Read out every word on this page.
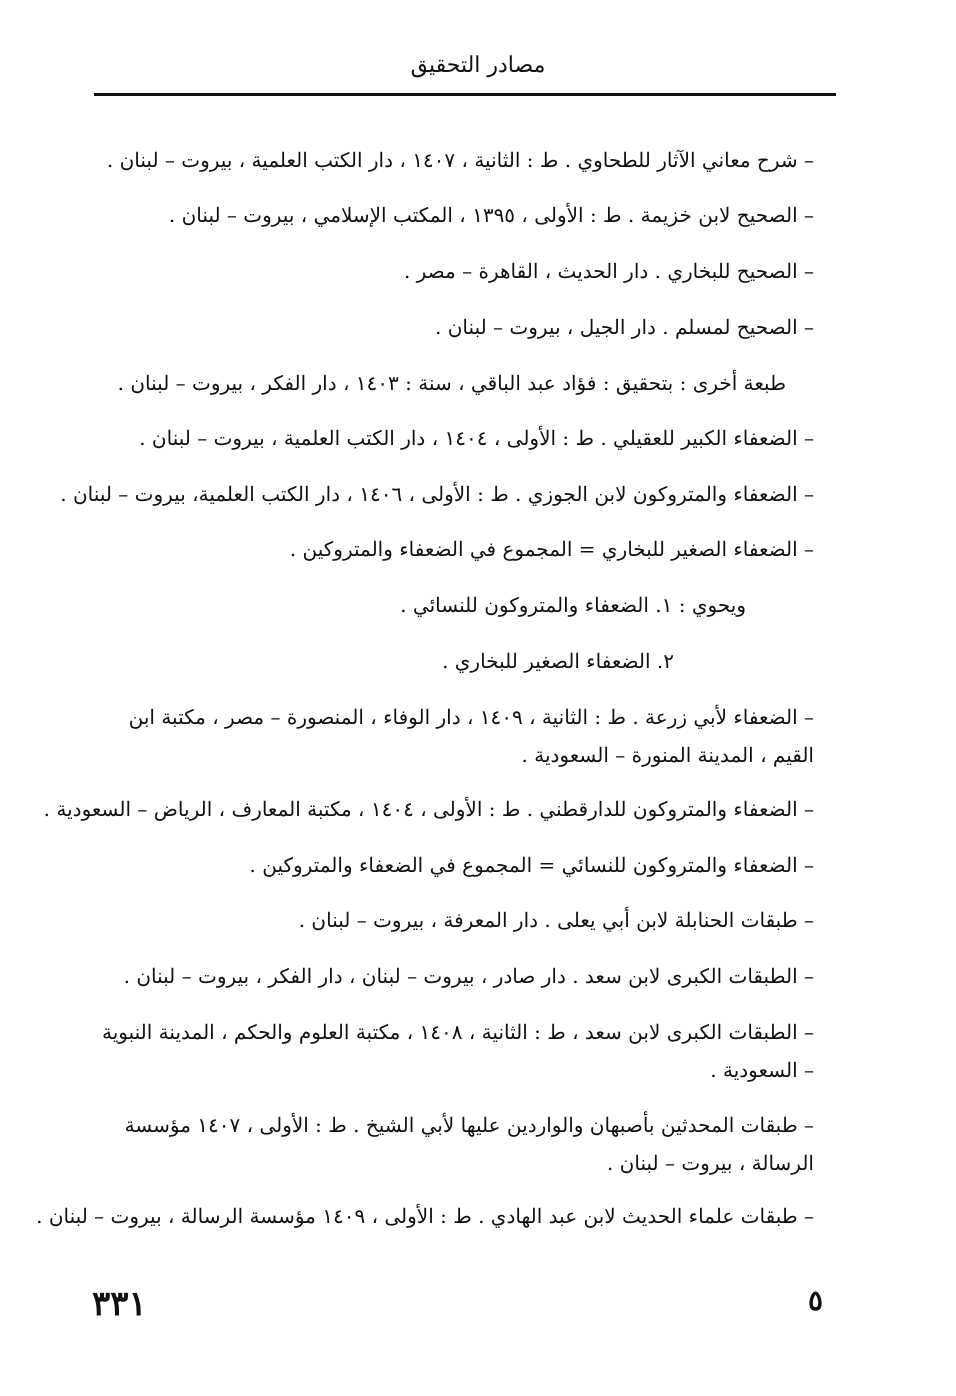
مصادر التحقيق
– شرح معاني الآثار للطحاوي . ط : الثانية ، ١٤٠٧ ، دار الكتب العلمية ، بيروت – لبنان .
– الصحيح لابن خزيمة . ط : الأولى ، ١٣٩٥ ، المكتب الإسلامي ، بيروت – لبنان .
– الصحيح للبخاري . دار الحديث ، القاهرة – مصر .
– الصحيح لمسلم . دار الجيل ، بيروت – لبنان .
طبعة أخرى : بتحقيق : فؤاد عبد الباقي ، سنة : ١٤٠٣ ، دار الفكر ، بيروت – لبنان .
– الضعفاء الكبير للعقيلي . ط : الأولى ، ١٤٠٤ ، دار الكتب العلمية ، بيروت – لبنان .
– الضعفاء والمتروكون لابن الجوزي . ط : الأولى ، ١٤٠٦ ، دار الكتب العلمية، بيروت – لبنان .
– الضعفاء الصغير للبخاري = المجموع في الضعفاء والمتروكين .
ويحوي : ١. الضعفاء والمتروكون للنسائي .
٢. الضعفاء الصغير للبخاري .
– الضعفاء لأبي زرعة . ط : الثانية ، ١٤٠٩ ، دار الوفاء ، المنصورة – مصر ، مكتبة ابن القيم ، المدينة المنورة – السعودية .
– الضعفاء والمتروكون للدارقطني . ط : الأولى ، ١٤٠٤ ، مكتبة المعارف ، الرياض – السعودية .
– الضعفاء والمتروكون للنسائي = المجموع في الضعفاء والمتروكين .
– طبقات الحنابلة لابن أبي يعلى . دار المعرفة ، بيروت – لبنان .
– الطبقات الكبرى لابن سعد . دار صادر ، بيروت – لبنان ، دار الفكر ، بيروت – لبنان .
– الطبقات الكبرى لابن سعد ، ط : الثانية ، ١٤٠٨ ، مكتبة العلوم والحكم ، المدينة النبوية – السعودية .
– طبقات المحدثين بأصبهان والواردين عليها لأبي الشيخ . ط : الأولى ، ١٤٠٧ مؤسسة الرسالة ، بيروت – لبنان .
– طبقات علماء الحديث لابن عبد الهادي . ط : الأولى ، ١٤٠٩ مؤسسة الرسالة ، بيروت – لبنان .
٣٣١	٥
